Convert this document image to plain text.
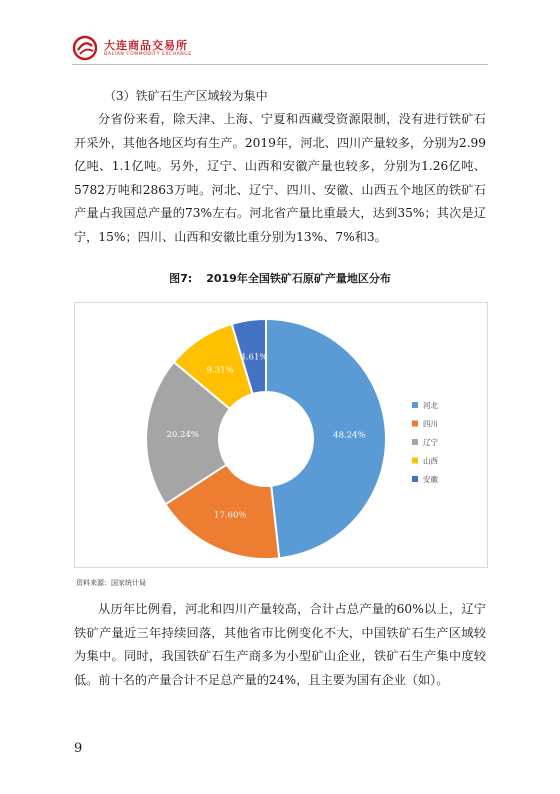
大连商品交易所
DALIAN COMMODITY EXCHANGE
（3）铁矿石生产区域较为集中

分省份来看，除天津、上海、宁夏和西藏受资源限制，没有进行铁矿石开采外，其他各地区均有生产。2019年，河北、四川产量较多，分别为2.99亿吨、1.1亿吨。另外，辽宁、山西和安徽产量也较多，分别为1.26亿吨、5782万吨和2863万吨。河北、辽宁、四川、安徽、山西五个地区的铁矿石产量占我国总产量的73%左右。河北省产量比重最大，达到35%；其次是辽宁，15%；四川、山西和安徽比重分别为13%、7%和3。

图7: 2019年全国铁矿石原矿产量地区分布
48.24%
17.60%
20.24%
9.31%
4.61%
河北
四川
辽宁
山西
安徽
资料来源：国家统计局

从历年比例看，河北和四川产量较高，合计占总产量的60%以上，辽宁铁矿产量近三年持续回落，其他省市比例变化不大，中国铁矿石生产区域较为集中。同时，我国铁矿石生产商多为小型矿山企业，铁矿石生产集中度较低。前十名的产量合计不足总产量的24%，且主要为国有企业（如）。

9
